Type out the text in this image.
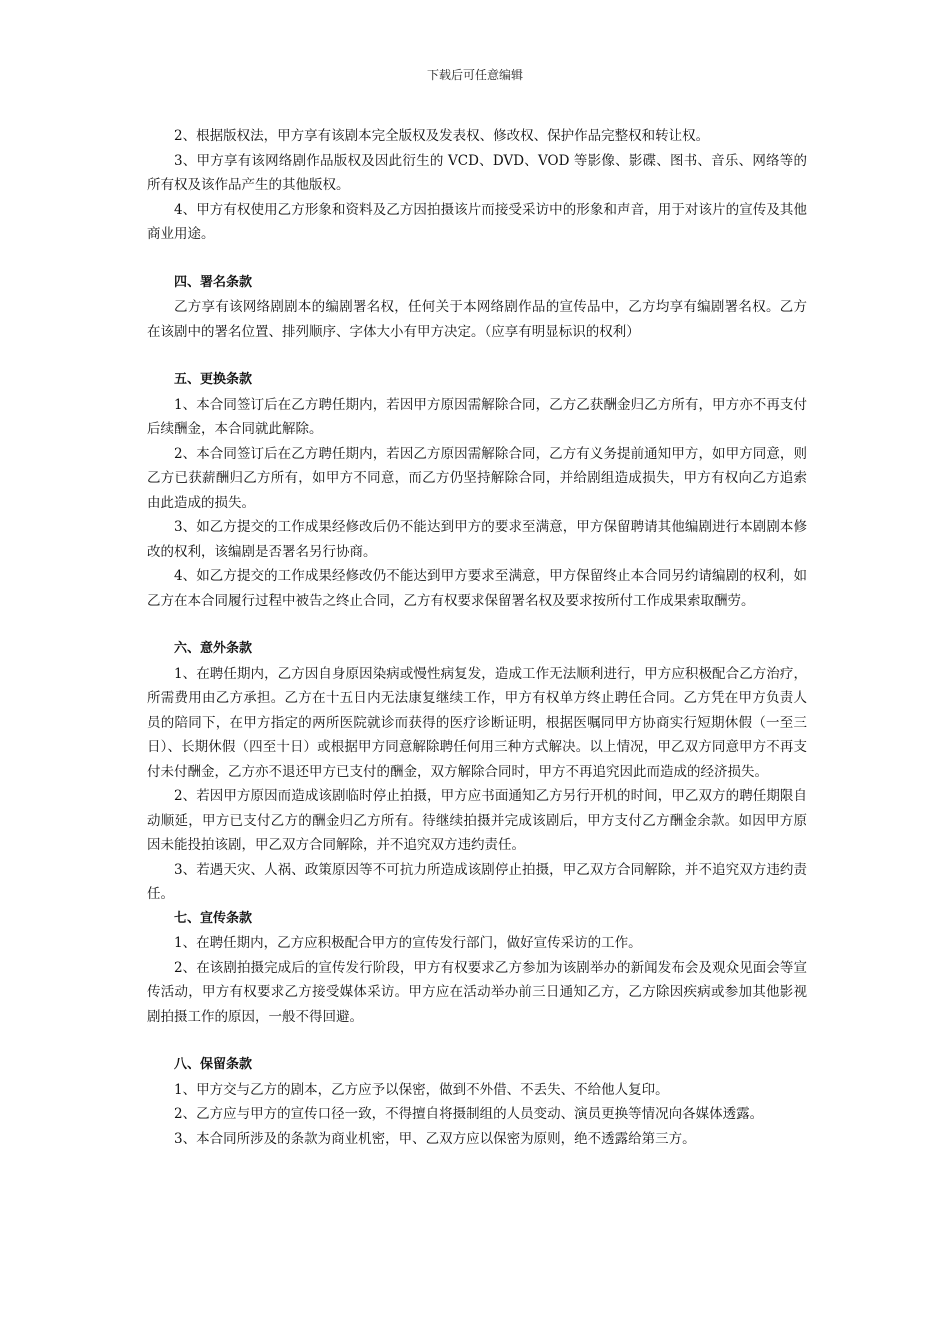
下载后可任意编辑

2、根据版权法，甲方享有该剧本完全版权及发表权、修改权、保护作品完整权和转让权。

3、甲方享有该网络剧作品版权及因此衍生的 VCD、DVD、VOD 等影像、影碟、图书、音乐、网络等的所有权及该作品产生的其他版权。

4、甲方有权使用乙方形象和资料及乙方因拍摄该片而接受采访中的形象和声音，用于对该片的宣传及其他商业用途。

四、署名条款

乙方享有该网络剧剧本的编剧署名权，任何关于本网络剧作品的宣传品中，乙方均享有编剧署名权。乙方在该剧中的署名位置、排列顺序、字体大小有甲方决定。（应享有明显标识的权利）

五、更换条款

1、本合同签订后在乙方聘任期内，若因甲方原因需解除合同，乙方乙获酬金归乙方所有，甲方亦不再支付后续酬金，本合同就此解除。

2、本合同签订后在乙方聘任期内，若因乙方原因需解除合同，乙方有义务提前通知甲方，如甲方同意，则乙方已获薪酬归乙方所有，如甲方不同意，而乙方仍坚持解除合同，并给剧组造成损失，甲方有权向乙方追索由此造成的损失。

3、如乙方提交的工作成果经修改后仍不能达到甲方的要求至满意，甲方保留聘请其他编剧进行本剧剧本修改的权利，该编剧是否署名另行协商。

4、如乙方提交的工作成果经修改仍不能达到甲方要求至满意，甲方保留终止本合同另约请编剧的权利，如乙方在本合同履行过程中被告之终止合同，乙方有权要求保留署名权及要求按所付工作成果索取酬劳。

六、意外条款

1、在聘任期内，乙方因自身原因染病或慢性病复发，造成工作无法顺利进行，甲方应积极配合乙方治疗，所需费用由乙方承担。乙方在十五日内无法康复继续工作，甲方有权单方终止聘任合同。乙方凭在甲方负责人员的陪同下，在甲方指定的两所医院就诊而获得的医疗诊断证明，根据医嘱同甲方协商实行短期休假（一至三日）、长期休假（四至十日）或根据甲方同意解除聘任何用三种方式解决。以上情况，甲乙双方同意甲方不再支付未付酬金，乙方亦不退还甲方已支付的酬金，双方解除合同时，甲方不再追究因此而造成的经济损失。

2、若因甲方原因而造成该剧临时停止拍摄，甲方应书面通知乙方另行开机的时间，甲乙双方的聘任期限自动顺延，甲方已支付乙方的酬金归乙方所有。待继续拍摄并完成该剧后，甲方支付乙方酬金余款。如因甲方原因未能投拍该剧，甲乙双方合同解除，并不追究双方违约责任。

3、若遇天灾、人祸、政策原因等不可抗力所造成该剧停止拍摄，甲乙双方合同解除，并不追究双方违约责任。

七、宣传条款

1、在聘任期内，乙方应积极配合甲方的宣传发行部门，做好宣传采访的工作。

2、在该剧拍摄完成后的宣传发行阶段，甲方有权要求乙方参加为该剧举办的新闻发布会及观众见面会等宣传活动，甲方有权要求乙方接受媒体采访。甲方应在活动举办前三日通知乙方，乙方除因疾病或参加其他影视剧拍摄工作的原因，一般不得回避。

八、保留条款

1、甲方交与乙方的剧本，乙方应予以保密，做到不外借、不丢失、不给他人复印。

2、乙方应与甲方的宣传口径一致，不得擅自将摄制组的人员变动、演员更换等情况向各媒体透露。

3、本合同所涉及的条款为商业机密，甲、乙双方应以保密为原则，绝不透露给第三方。
